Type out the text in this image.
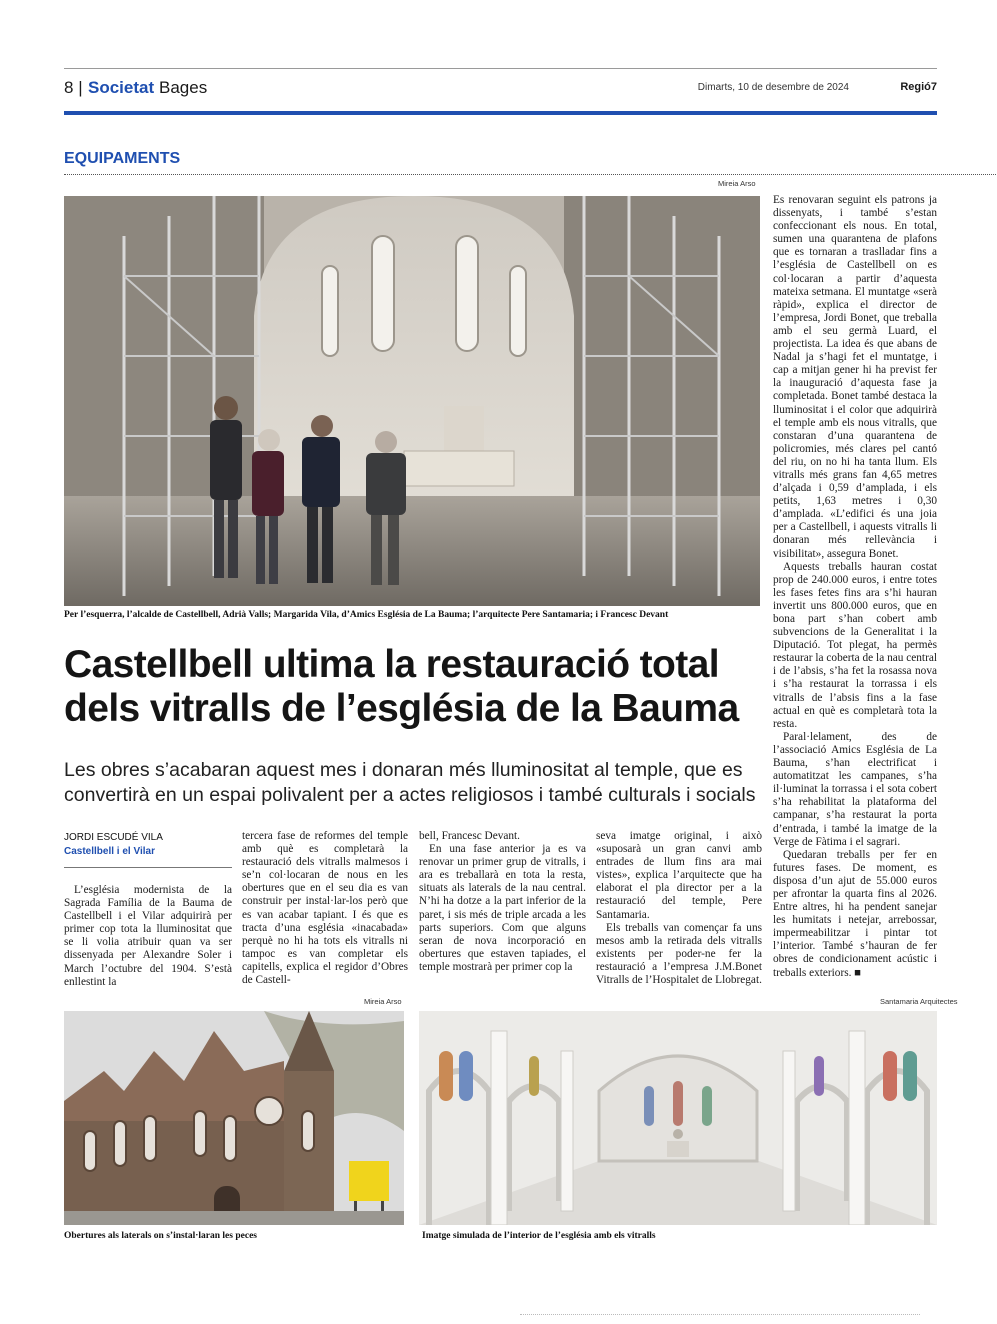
8 | Societat Bages	Dimarts, 10 de desembre de 2024	Regió7
EQUIPAMENTS
Mireia Arso
Per l’esquerra, l’alcalde de Castellbell, Adrià Valls; Margarida Vila, d’Amics Església de La Bauma; l’arquitecte Pere Santamaria; i Francesc Devant
Castellbell ultima la restauració total
dels vitralls de l’església de la Bauma
Les obres s’acabaran aquest mes i donaran més lluminositat al temple, que es
convertirà en un espai polivalent per a actes religiosos i també culturals i socials
JORDI ESCUDÉ VILA
Castellbell i el Vilar

L’església modernista de la Sagrada Família de la Bauma de Castellbell i el Vilar adquirirà per primer cop tota la lluminositat que se li volia atribuir quan va ser dissenyada per Alexandre Soler i March l’octubre del 1904. S’està enllestint la

tercera fase de reformes del temple amb què es completarà la restauració dels vitralls malmesos i se’n col·locaran de nous en les obertures que en el seu dia es van construir per instal·lar-los però que es van acabar tapiant. I és que es tracta d’una església «inacabada» perquè no hi ha tots els vitralls ni tampoc es van completar els capitells, explica el regidor d’Obres de Castell-

bell, Francesc Devant.

En una fase anterior ja es va renovar un primer grup de vitralls, i ara es treballarà en tota la resta, situats als laterals de la nau central. N’hi ha dotze a la part inferior de la paret, i sis més de triple arcada a les parts superiors. Com que alguns seran de nova incorporació en obertures que estaven tapiades, el temple mostrarà per primer cop la

seva imatge original, i això «suposarà un gran canvi amb entrades de llum fins ara mai vistes», explica l’arquitecte que ha elaborat el pla director per a la restauració del temple, Pere Santamaria.

Els treballs van començar fa uns mesos amb la retirada dels vitralls existents per poder-ne fer la restauració a l’empresa J.M.Bonet Vitralls de l’Hospitalet de Llobregat.

Es renovaran seguint els patrons ja dissenyats, i també s’estan confeccionant els nous. En total, sumen una quarantena de plafons que es tornaran a traslladar fins a l’església de Castellbell on es col·locaran a partir d’aquesta mateixa setmana. El muntatge «serà ràpid», explica el director de l’empresa, Jordi Bonet, que treballa amb el seu germà Luard, el projectista. La idea és que abans de Nadal ja s’hagi fet el muntatge, i cap a mitjan gener hi ha previst fer la inauguració d’aquesta fase ja completada. Bonet també destaca la lluminositat i el color que adquirirà el temple amb els nous vitralls, que constaran d’una quarantena de policromies, més clares pel cantó del riu, on no hi ha tanta llum. Els vitralls més grans fan 4,65 metres d’alçada i 0,59 d’amplada, i els petits, 1,63 metres i 0,30 d’amplada. «L’edifici és una joia per a Castellbell, i aquests vitralls li donaran més rellevància i visibilitat», assegura Bonet.

Aquests treballs hauran costat prop de 240.000 euros, i entre totes les fases fetes fins ara s’hi hauran invertit uns 800.000 euros, que en bona part s’han cobert amb subvencions de la Generalitat i la Diputació. Tot plegat, ha permès restaurar la coberta de la nau central i de l’absis, s’ha fet la rosassa nova i s’ha restaurat la torrassa i els vitralls de l’absis fins a la fase actual en què es completarà tota la resta.

Paral·lelament, des de l’associació Amics Església de La Bauma, s’han electrificat i automatitzat les campanes, s’ha il·luminat la torrassa i el sota cobert s’ha rehabilitat la plataforma del campanar, s’ha restaurat la porta d’entrada, i també la imatge de la Verge de Fàtima i el sagrari.

Quedaran treballs per fer en futures fases. De moment, es disposa d’un ajut de 55.000 euros per afrontar la quarta fins al 2026. Entre altres, hi ha pendent sanejar les humitats i netejar, arrebossar, impermeabilitzar i pintar tot l’interior. També s’hauran de fer obres de condicionament acústic i treballs exteriors. ■

Mireia Arso
Obertures als laterals on s’instal·laran les peces
Santamaria Arquitectes
Imatge simulada de l’interior de l’església amb els vitralls
